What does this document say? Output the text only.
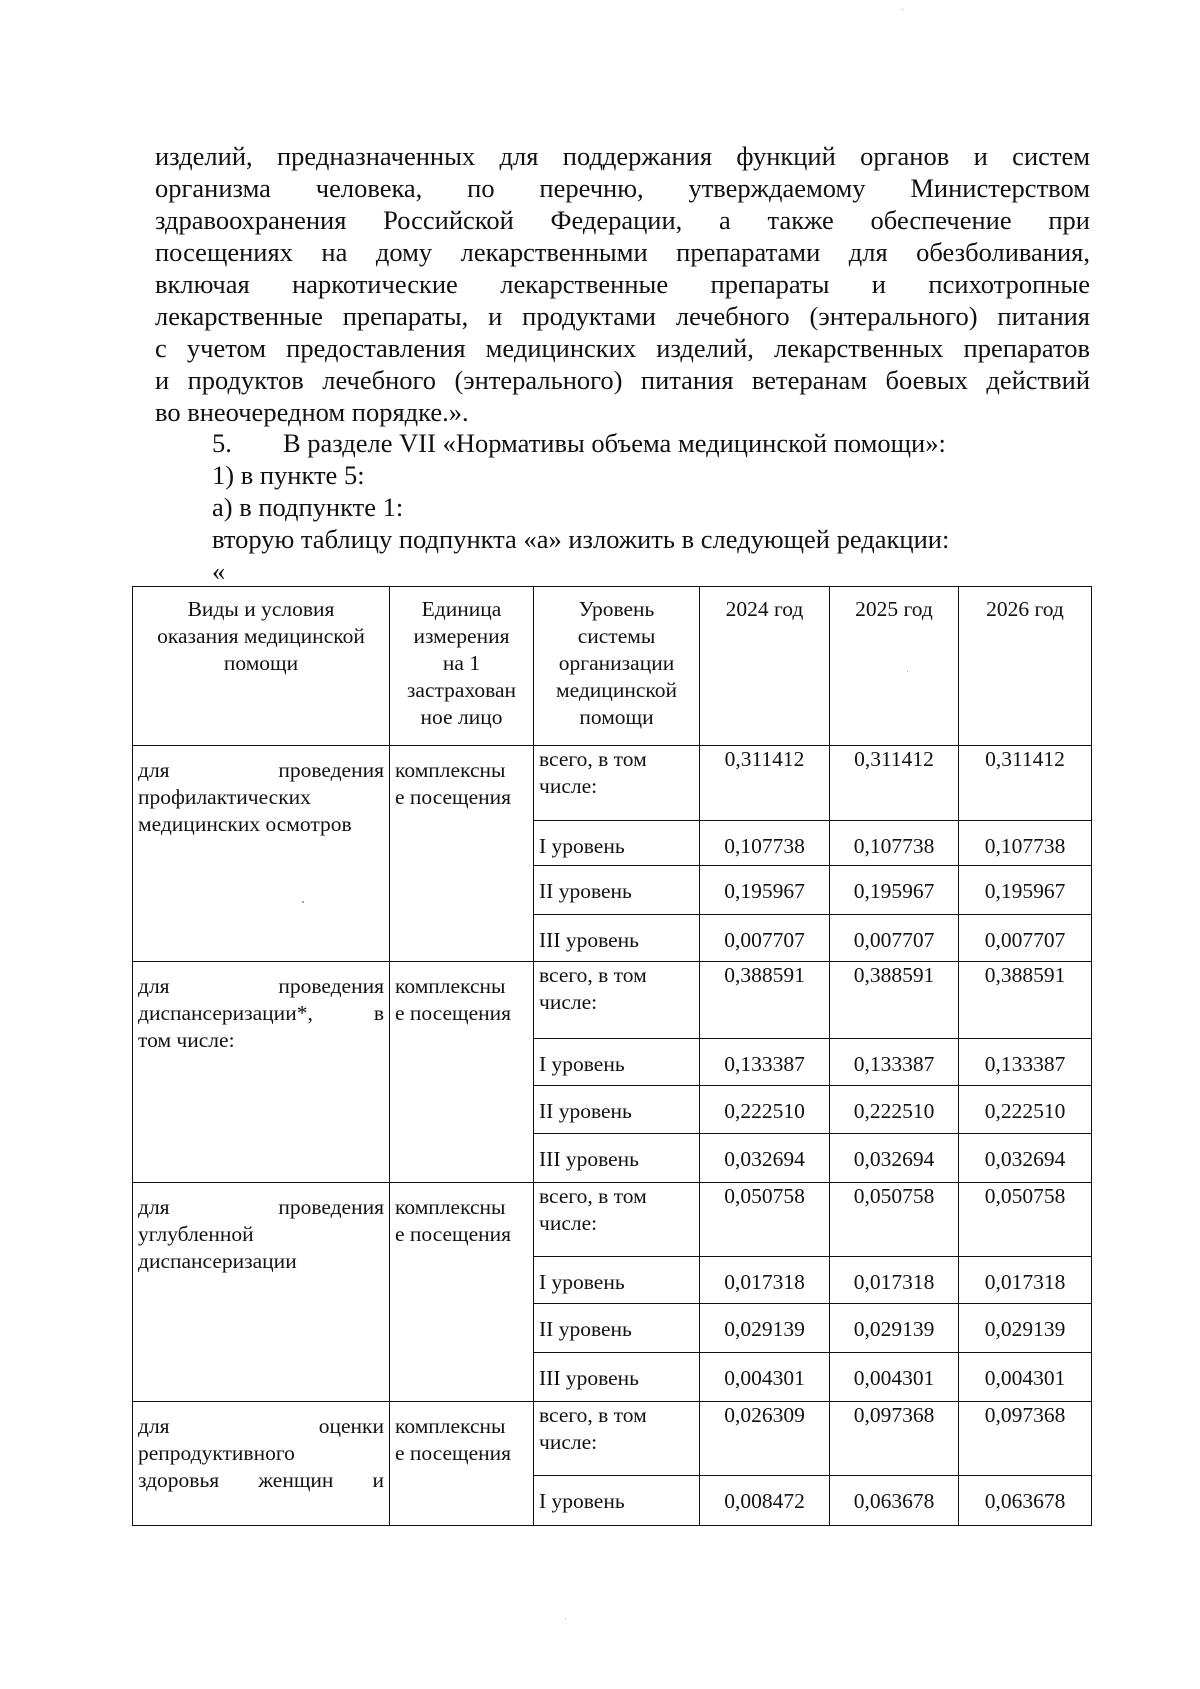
изделий, предназначенных для поддержания функций органов и систем
организма человека, по перечню, утверждаемому Министерством
здравоохранения Российской Федерации, а также обеспечение при
посещениях на дому лекарственными препаратами для обезболивания,
включая наркотические лекарственные препараты и психотропные
лекарственные препараты, и продуктами лечебного (энтерального) питания
с учетом предоставления медицинских изделий, лекарственных препаратов
и продуктов лечебного (энтерального) питания ветеранам боевых действий
во внеочередном порядке.».
5. В разделе VII «Нормативы объема медицинской помощи»:
1) в пункте 5:
а) в подпункте 1:
вторую таблицу подпункта «а» изложить в следующей редакции:
«
Виды и условия
оказания медицинской
помощи	Единица
измерения
на 1
застрахован
ное лицо	Уровень
системы
организации
медицинской
помощи	2024 год	2025 год	2026 год

для проведения
профилактических
медицинских осмотров	комплексны
е посещения	всего, в том
числе:	0,311412	0,311412	0,311412
		I уровень	0,107738	0,107738	0,107738
		II уровень	0,195967	0,195967	0,195967
		III уровень	0,007707	0,007707	0,007707

для проведения
диспансеризации*, в
том числе:	комплексны
е посещения	всего, в том
числе:	0,388591	0,388591	0,388591
		I уровень	0,133387	0,133387	0,133387
		II уровень	0,222510	0,222510	0,222510
		III уровень	0,032694	0,032694	0,032694

для проведения
углубленной
диспансеризации	комплексны
е посещения	всего, в том
числе:	0,050758	0,050758	0,050758
		I уровень	0,017318	0,017318	0,017318
		II уровень	0,029139	0,029139	0,029139
		III уровень	0,004301	0,004301	0,004301

для оценки
репродуктивного
здоровья женщин и	комплексны
е посещения	всего, в том
числе:	0,026309	0,097368	0,097368
		I уровень	0,008472	0,063678	0,063678
